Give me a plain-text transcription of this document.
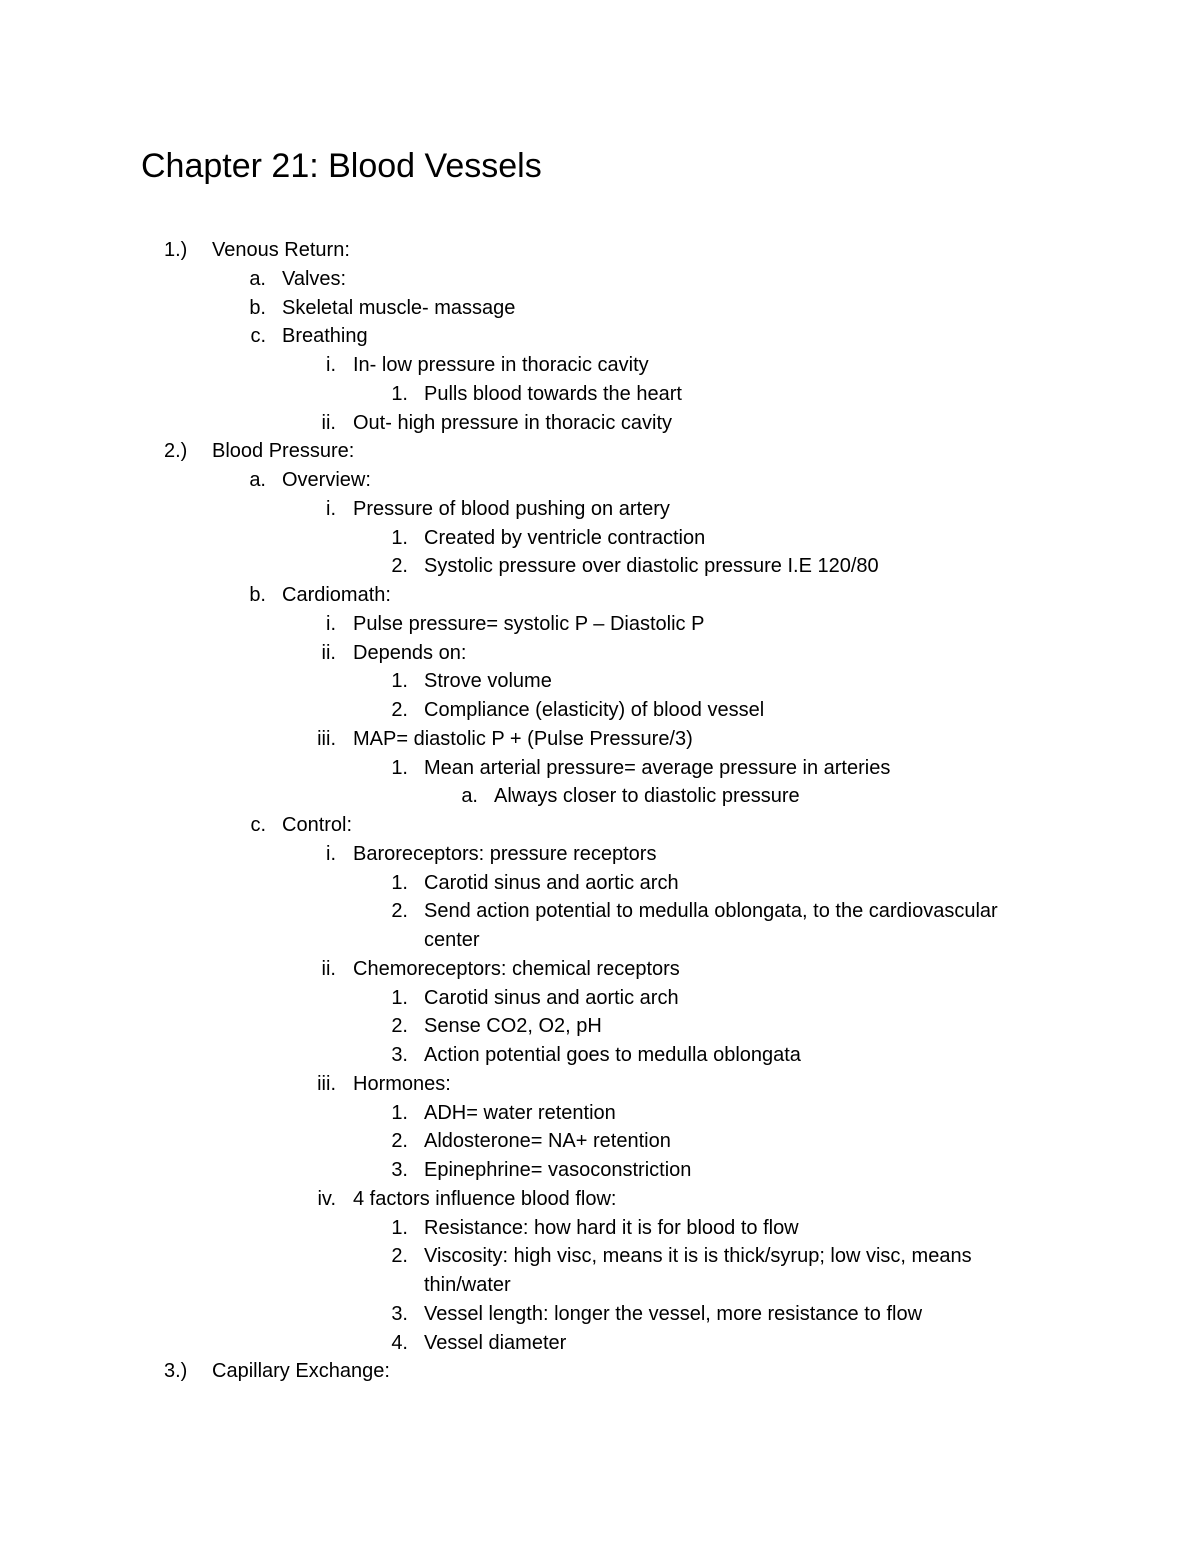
Chapter 21: Blood Vessels
1.)	Venous Return:
a. Valves:
b. Skeletal muscle- massage
c. Breathing
i. In- low pressure in thoracic cavity
1. Pulls blood towards the heart
ii. Out- high pressure in thoracic cavity
2.)	Blood Pressure:
a. Overview:
i. Pressure of blood pushing on artery
1. Created by ventricle contraction
2. Systolic pressure over diastolic pressure I.E 120/80
b. Cardiomath:
i. Pulse pressure= systolic P – Diastolic P
ii. Depends on:
1. Strove volume
2. Compliance (elasticity) of blood vessel
iii. MAP= diastolic P + (Pulse Pressure/3)
1. Mean arterial pressure= average pressure in arteries
a. Always closer to diastolic pressure
c. Control:
i. Baroreceptors: pressure receptors
1. Carotid sinus and aortic arch
2. Send action potential to medulla oblongata, to the cardiovascular
center
ii. Chemoreceptors: chemical receptors
1. Carotid sinus and aortic arch
2. Sense CO2, O2, pH
3. Action potential goes to medulla oblongata
iii. Hormones:
1. ADH= water retention
2. Aldosterone= NA+ retention
3. Epinephrine= vasoconstriction
iv. 4 factors influence blood flow:
1. Resistance: how hard it is for blood to flow
2. Viscosity: high visc, means it is is thick/syrup; low visc, means
thin/water
3. Vessel length: longer the vessel, more resistance to flow
4. Vessel diameter
3.)	Capillary Exchange:
